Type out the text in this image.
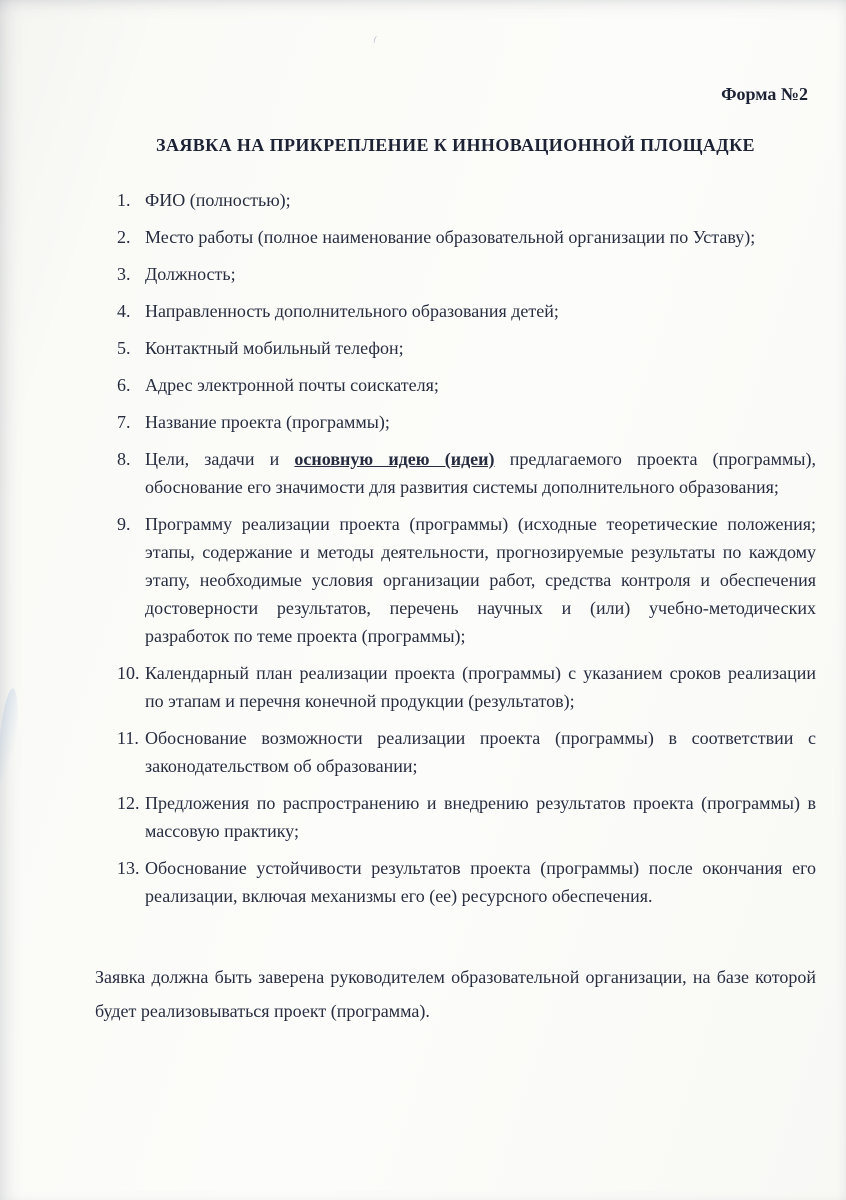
Форма №2
ЗАЯВКА НА ПРИКРЕПЛЕНИЕ К ИННОВАЦИОННОЙ ПЛОЩАДКЕ
1. ФИО (полностью);
2. Место работы (полное наименование образовательной организации по Уставу);
3. Должность;
4. Направленность дополнительного образования детей;
5. Контактный мобильный телефон;
6. Адрес электронной почты соискателя;
7. Название проекта (программы);
8. Цели, задачи и основную идею (идеи) предлагаемого проекта (программы), обоснование его значимости для развития системы дополнительного образования;
9. Программу реализации проекта (программы) (исходные теоретические положения; этапы, содержание и методы деятельности, прогнозируемые результаты по каждому этапу, необходимые условия организации работ, средства контроля и обеспечения достоверности результатов, перечень научных и (или) учебно-методических разработок по теме проекта (программы);
10. Календарный план реализации проекта (программы) с указанием сроков реализации по этапам и перечня конечной продукции (результатов);
11. Обоснование возможности реализации проекта (программы) в соответствии с законодательством об образовании;
12. Предложения по распространению и внедрению результатов проекта (программы) в массовую практику;
13. Обоснование устойчивости результатов проекта (программы) после окончания его реализации, включая механизмы его (ее) ресурсного обеспечения.

Заявка должна быть заверена руководителем образовательной организации, на базе которой будет реализовываться проект (программа).
